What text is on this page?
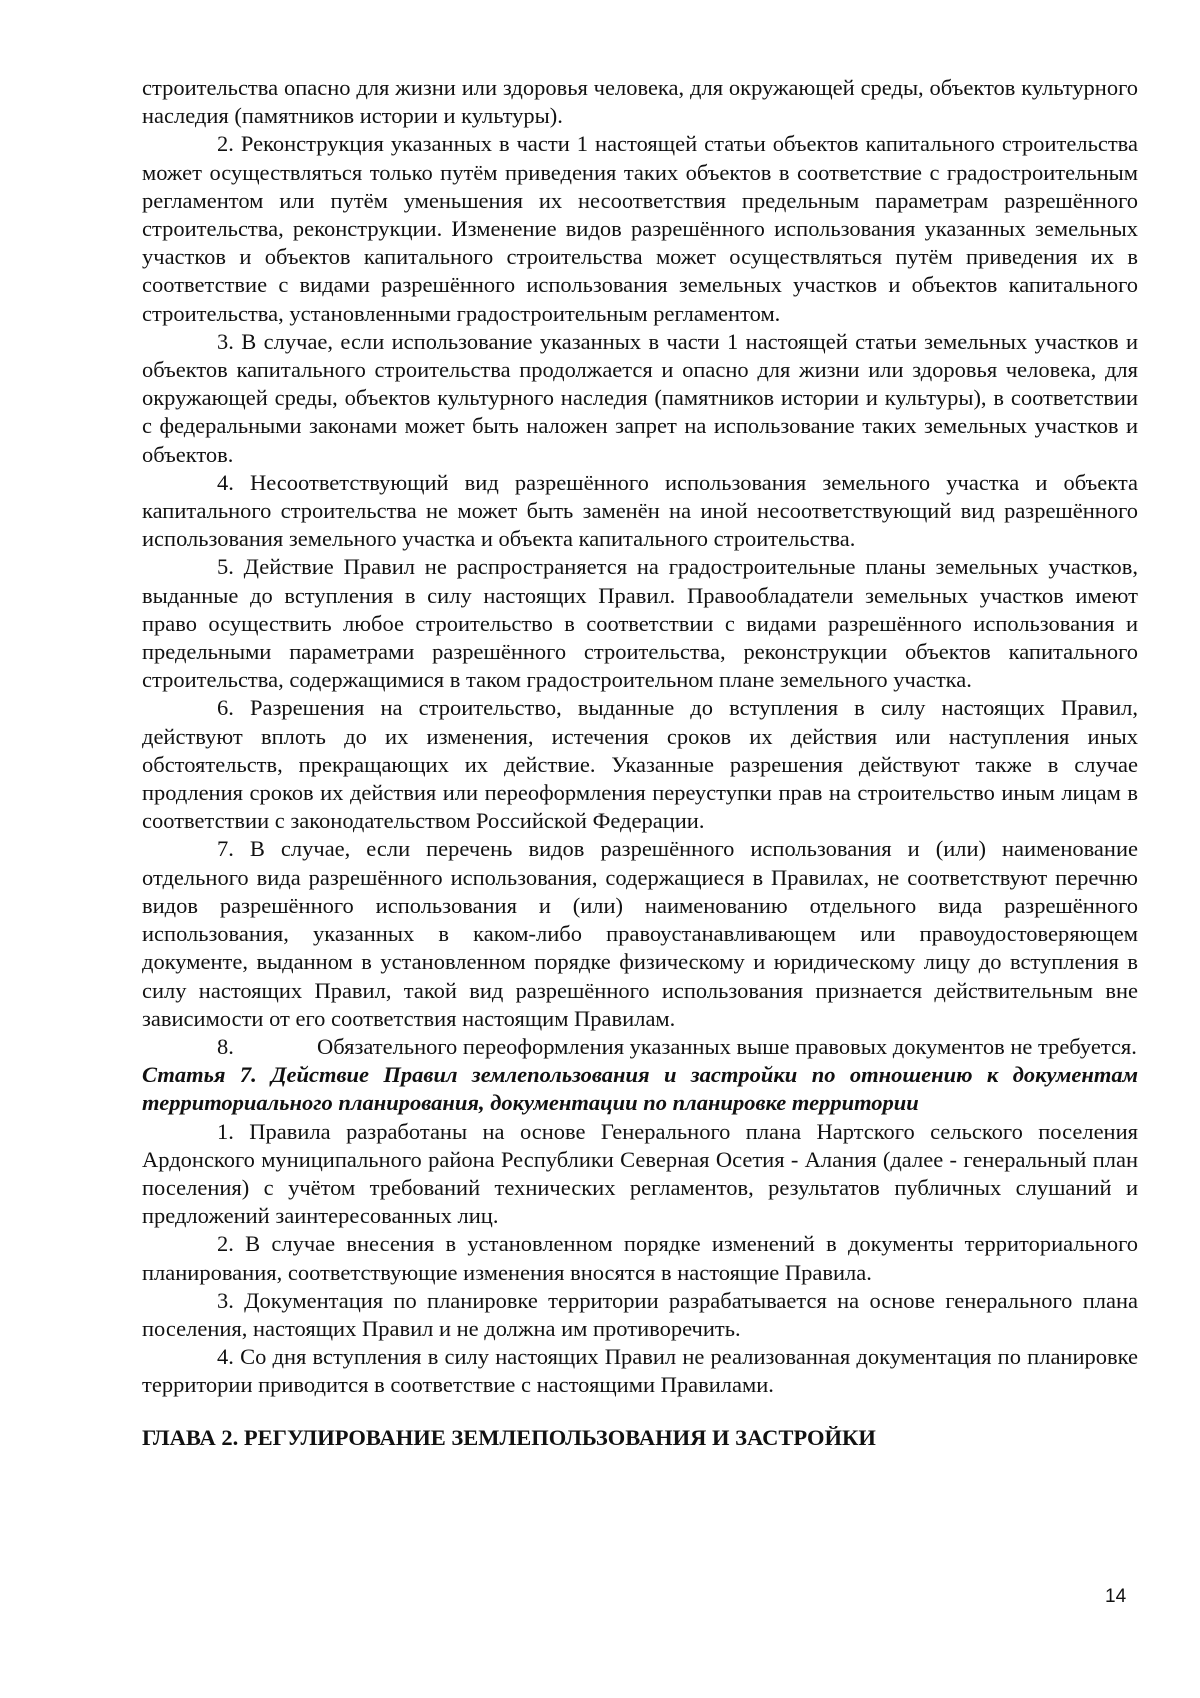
строительства опасно для жизни или здоровья человека, для окружающей среды, объектов культурного наследия (памятников истории и культуры).

2. Реконструкция указанных в части 1 настоящей статьи объектов капитального строительства может осуществляться только путём приведения таких объектов в соответствие с градостроительным регламентом или путём уменьшения их несоответствия предельным параметрам разрешённого строительства, реконструкции. Изменение видов разрешённого использования указанных земельных участков и объектов капитального строительства может осуществляться путём приведения их в соответствие с видами разрешённого использования земельных участков и объектов капитального строительства, установленными градостроительным регламентом.

3. В случае, если использование указанных в части 1 настоящей статьи земельных участков и объектов капитального строительства продолжается и опасно для жизни или здоровья человека, для окружающей среды, объектов культурного наследия (памятников истории и культуры), в соответствии с федеральными законами может быть наложен запрет на использование таких земельных участков и объектов.

4. Несоответствующий вид разрешённого использования земельного участка и объекта капитального строительства не может быть заменён на иной несоответствующий вид разрешённого использования земельного участка и объекта капитального строительства.

5. Действие Правил не распространяется на градостроительные планы земельных участков, выданные до вступления в силу настоящих Правил. Правообладатели земельных участков имеют право осуществить любое строительство в соответствии с видами разрешённого использования и предельными параметрами разрешённого строительства, реконструкции объектов капитального строительства, содержащимися в таком градостроительном плане земельного участка.

6. Разрешения на строительство, выданные до вступления в силу настоящих Правил, действуют вплоть до их изменения, истечения сроков их действия или наступления иных обстоятельств, прекращающих их действие. Указанные разрешения действуют также в случае продления сроков их действия или переоформления переуступки прав на строительство иным лицам в соответствии с законодательством Российской Федерации.

7. В случае, если перечень видов разрешённого использования и (или) наименование отдельного вида разрешённого использования, содержащиеся в Правилах, не соответствуют перечню видов разрешённого использования и (или) наименованию отдельного вида разрешённого использования, указанных в каком-либо правоустанавливающем или правоудостоверяющем документе, выданном в установленном порядке физическому и юридическому лицу до вступления в силу настоящих Правил, такой вид разрешённого использования признается действительным вне зависимости от его соответствия настоящим Правилам.

8.	Обязательного переоформления указанных выше правовых документов не требуется.

Статья 7. Действие Правил землепользования и застройки по отношению к документам территориального планирования, документации по планировке территории

1. Правила разработаны на основе Генерального плана Нартского сельского поселения Ардонского муниципального района Республики Северная Осетия - Алания (далее - генеральный план поселения) с учётом требований технических регламентов, результатов публичных слушаний и предложений заинтересованных лиц.

2. В случае внесения в установленном порядке изменений в документы территориального планирования, соответствующие изменения вносятся в настоящие Правила.

3. Документация по планировке территории разрабатывается на основе генерального плана поселения, настоящих Правил и не должна им противоречить.

4. Со дня вступления в силу настоящих Правил не реализованная документация по планировке территории приводится в соответствие с настоящими Правилами.

ГЛАВА 2. РЕГУЛИРОВАНИЕ ЗЕМЛЕПОЛЬЗОВАНИЯ И ЗАСТРОЙКИ

14
